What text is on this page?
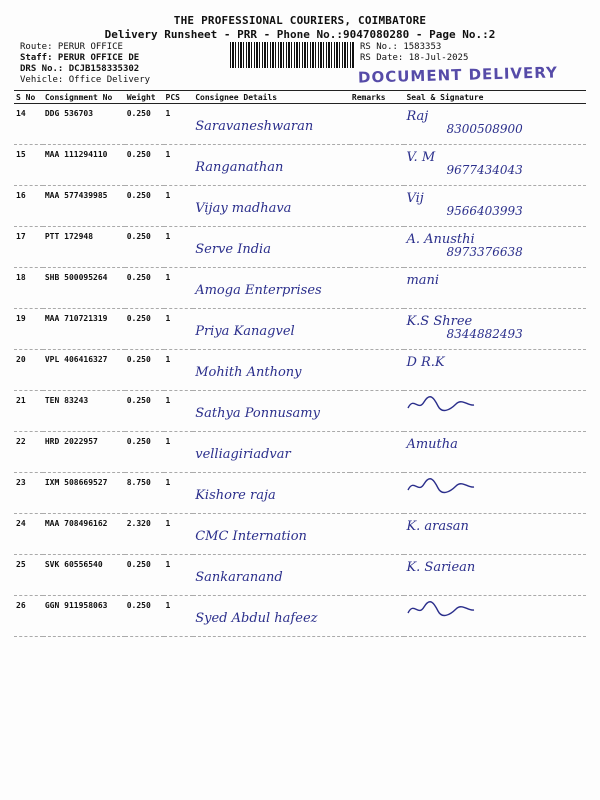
THE PROFESSIONAL COURIERS, COIMBATORE
Delivery Runsheet - PRR - Phone No.:9047080280 - Page No.:2
Route: PERUR OFFICE
Staff: PERUR OFFICE DE
DRS No.: DCJB158335302
Vehicle: Office Delivery
RS No.: 1583353
RS Date: 18-Jul-2025
DOCUMENT DELIVERY
S No	Consignment No	Weight	PCS	Consignee Details	Remarks	Seal & Signature
14	DDG 536703	0.250	1	Saravaneshwaran		Raj
8300508900

15	MAA 111294110	0.250	1	Ranganathan		V. M
9677434043

16	MAA 577439985	0.250	1	Vijay madhava		Vij
9566403993

17	PTT 172948	0.250	1	Serve India		A. Anusthi
8973376638

18	SHB 500095264	0.250	1	Amoga Enterprises		mani

19	MAA 710721319	0.250	1	Priya Kanagvel		K.S Shree
8344882493

20	VPL 406416327	0.250	1	Mohith Anthony		D R.K

21	TEN 83243	0.250	1	Sathya Ponnusamy		

22	HRD 2022957	0.250	1	velliagiriadvar		Amutha

23	IXM 508669527	8.750	1	Kishore raja		

24	MAA 708496162	2.320	1	CMC Internation		K. arasan

25	SVK 60556540	0.250	1	Sankaranand		K. Sariean

26	GGN 911958063	0.250	1	Syed Abdul hafeez		
